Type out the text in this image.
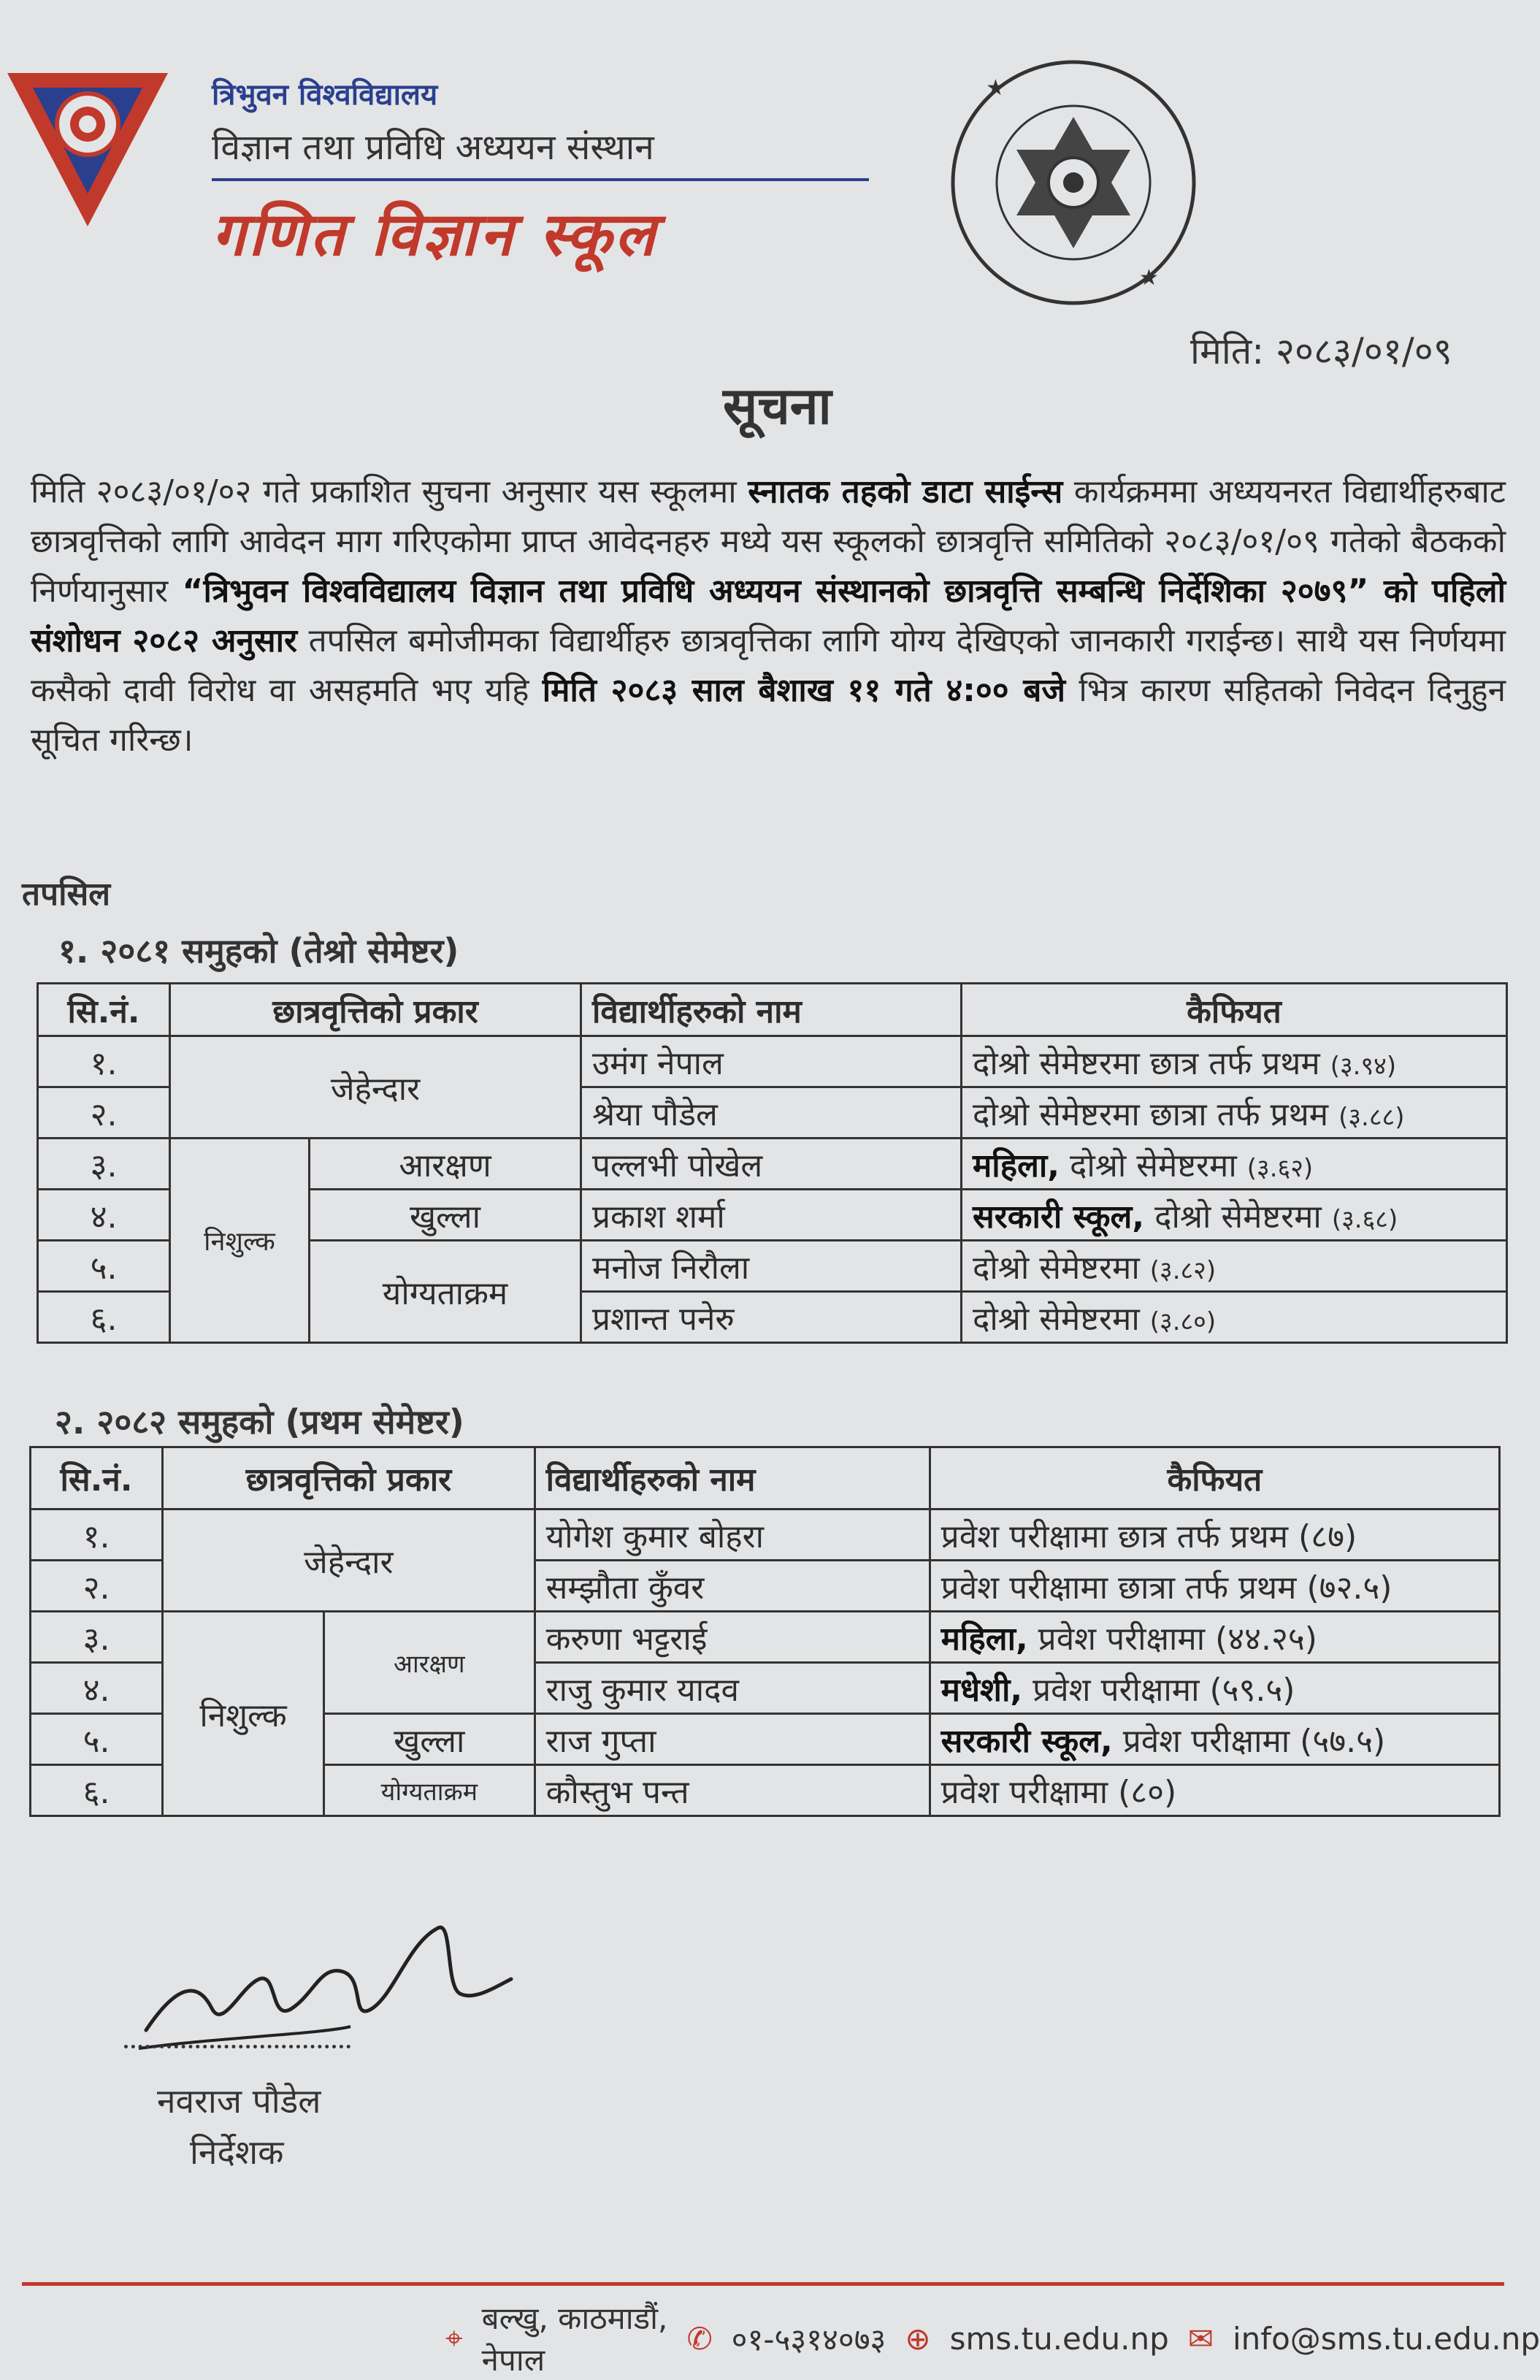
त्रिभुवन विश्वविद्यालय
विज्ञान तथा प्रविधि अध्ययन संस्थान
गणित विज्ञान स्कूल
★
★
मिति: २०८३/०१/०९
सूचना
मिति २०८३/०१/०२ गते प्रकाशित सुचना अनुसार यस स्कूलमा स्नातक तहको डाटा साईन्स कार्यक्रममा अध्ययनरत विद्यार्थीहरुबाट छात्रवृत्तिको लागि आवेदन माग गरिएकोमा प्राप्त आवेदनहरु मध्ये यस स्कूलको छात्रवृत्ति समितिको २०८३/०१/०९ गतेको बैठकको निर्णयानुसार “त्रिभुवन विश्वविद्यालय विज्ञान तथा प्रविधि अध्ययन संस्थानको छात्रवृत्ति सम्बन्धि निर्देशिका २०७९” को पहिलो संशोधन २०८२ अनुसार तपसिल बमोजीमका विद्यार्थीहरु छात्रवृत्तिका लागि योग्य देखिएको जानकारी गराईन्छ। साथै यस निर्णयमा कसैको दावी विरोध वा असहमति भए यहि मिति २०८३ साल बैशाख ११ गते ४:०० बजे भित्र कारण सहितको निवेदन दिनुहुन सूचित गरिन्छ।
तपसिल
१. २०८१ समुहको (तेश्रो सेमेष्टर)
सि.नं.	छात्रवृत्तिको प्रकार		विद्यार्थीहरुको नाम	कैफियत
१.	जेहेन्दार		उमंग नेपाल	दोश्रो सेमेष्टरमा छात्र तर्फ प्रथम (३.९४)
२.			श्रेया पौडेल	दोश्रो सेमेष्टरमा छात्रा तर्फ प्रथम (३.८८)
३.	निशुल्क	आरक्षण	पल्लभी पोखेल	महिला, दोश्रो सेमेष्टरमा (३.६२)
४.		खुल्ला	प्रकाश शर्मा	सरकारी स्कूल, दोश्रो सेमेष्टरमा (३.६८)
५.		योग्यताक्रम	मनोज निरौला	दोश्रो सेमेष्टरमा (३.८२)
६.			प्रशान्त पनेरु	दोश्रो सेमेष्टरमा (३.८०)
२. २०८२ समुहको (प्रथम सेमेष्टर)
सि.नं.	छात्रवृत्तिको प्रकार		विद्यार्थीहरुको नाम	कैफियत
१.	जेहेन्दार		योगेश कुमार बोहरा	प्रवेश परीक्षामा छात्र तर्फ प्रथम (८७)
२.			सम्झौता कुँवर	प्रवेश परीक्षामा छात्रा तर्फ प्रथम (७२.५)
३.	निशुल्क	आरक्षण	करुणा भट्टराई	महिला, प्रवेश परीक्षामा (४४.२५)
४.			राजु कुमार यादव	मधेशी, प्रवेश परीक्षामा (५९.५)
५.		खुल्ला	राज गुप्ता	सरकारी स्कूल, प्रवेश परीक्षामा (५७.५)
६.		योग्यताक्रम	कौस्तुभ पन्त	प्रवेश परीक्षामा (८०)
नवराज पौडेल
निर्देशक
⌖
बल्खु, काठमाडौं, नेपाल
✆ ०१-५३१४०७३ ⊕ sms.tu.edu.np ✉ info@sms.tu.edu.np
